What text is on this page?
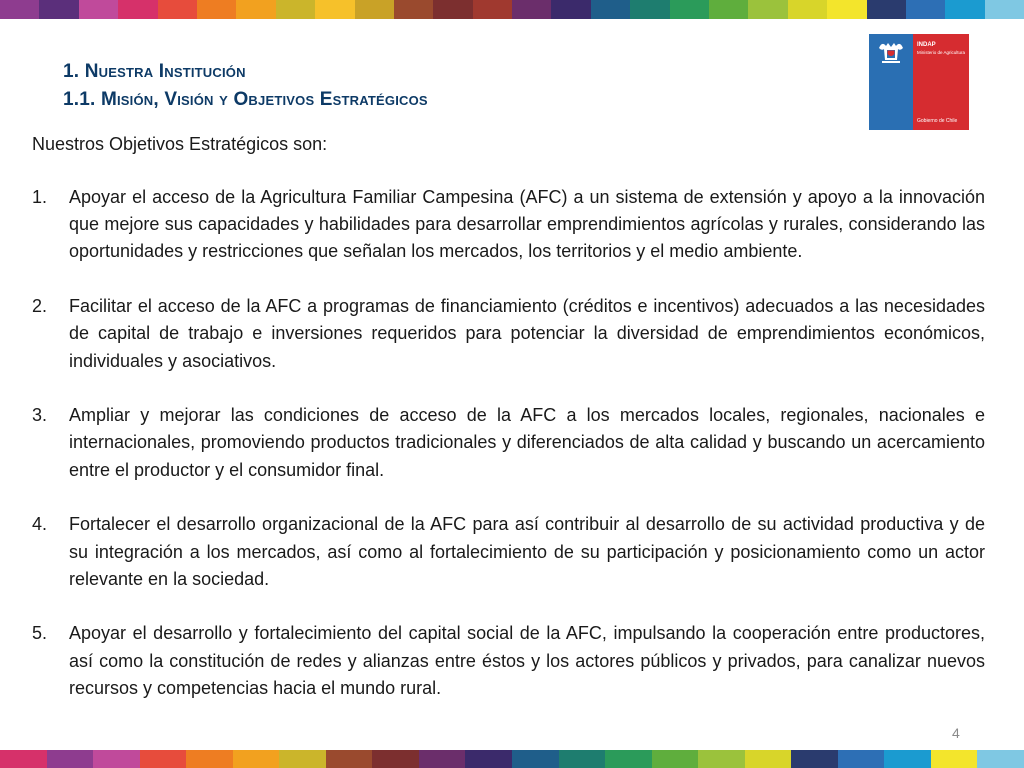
1. Nuestra Institución
1.1. Misión, Visión y Objetivos Estratégicos
INDAP
Ministerio de Agricultura
Gobierno de Chile
Nuestros Objetivos Estratégicos son:
1.	Apoyar el acceso de la Agricultura Familiar Campesina (AFC) a un sistema de extensión y apoyo a la innovación que mejore sus capacidades y habilidades para desarrollar emprendimientos agrícolas y rurales, considerando las oportunidades y restricciones que señalan los mercados, los territorios y el medio ambiente.
2.	Facilitar el acceso de la AFC a programas de financiamiento (créditos e incentivos) adecuados a las necesidades de capital de trabajo e inversiones requeridos para potenciar la diversidad de emprendimientos económicos, individuales y asociativos.
3.	Ampliar y mejorar las condiciones de acceso de la AFC a los mercados locales, regionales, nacionales e internacionales, promoviendo productos tradicionales y diferenciados de alta calidad y buscando un acercamiento entre el productor y el consumidor final.
4.	Fortalecer el desarrollo organizacional de la AFC para así contribuir al desarrollo de su actividad productiva y de su integración a los mercados, así como al fortalecimiento de su participación y posicionamiento como un actor relevante en la sociedad.
5.	Apoyar el desarrollo y fortalecimiento del capital social de la AFC, impulsando la cooperación entre productores, así como la constitución de redes y alianzas entre éstos y los actores públicos y privados, para canalizar nuevos recursos y competencias hacia el mundo rural.
4
